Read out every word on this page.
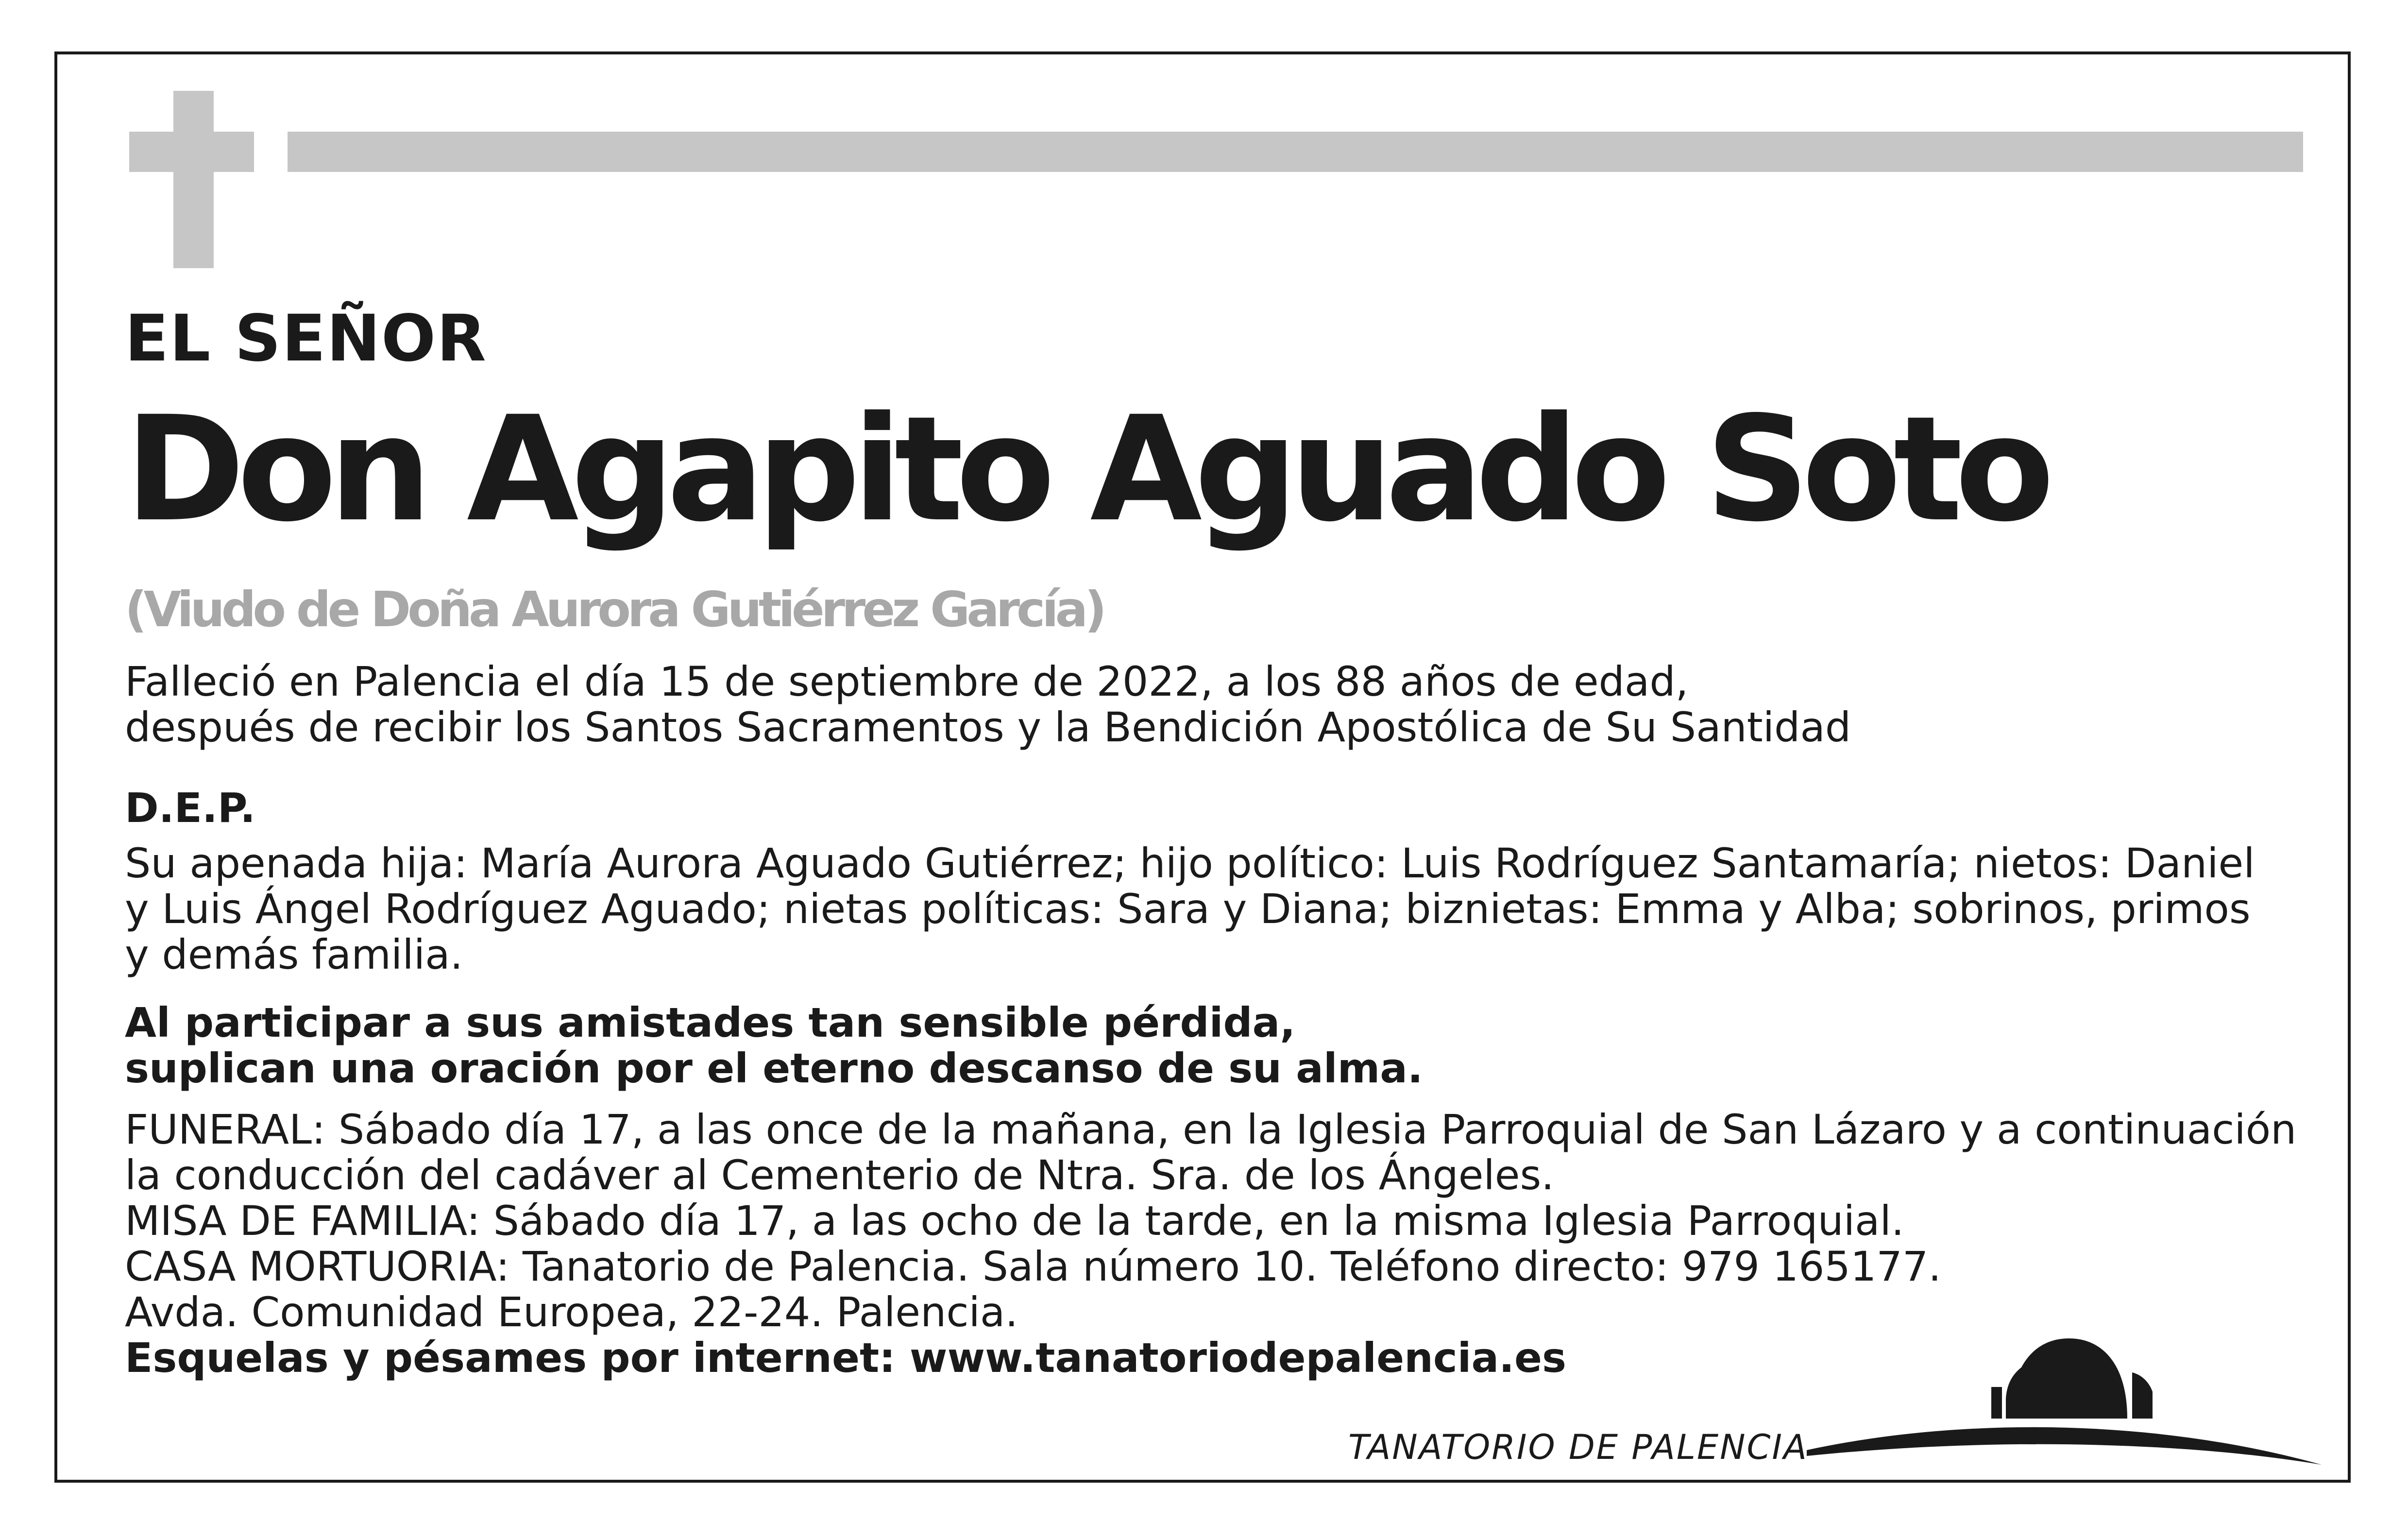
EL SEÑOR
Don Agapito Aguado Soto
(Viudo de Doña Aurora Gutiérrez García)
Falleció en Palencia el día 15 de septiembre de 2022, a los 88 años de edad,
después de recibir los Santos Sacramentos y la Bendición Apostólica de Su Santidad
D.E.P.
Su apenada hija: María Aurora Aguado Gutiérrez; hijo político: Luis Rodríguez Santamaría; nietos: Daniel
y Luis Ángel Rodríguez Aguado; nietas políticas: Sara y Diana; biznietas: Emma y Alba; sobrinos, primos
y demás familia.
Al participar a sus amistades tan sensible pérdida,
suplican una oración por el eterno descanso de su alma.
FUNERAL: Sábado día 17, a las once de la mañana, en la Iglesia Parroquial de San Lázaro y a continuación
la conducción del cadáver al Cementerio de Ntra. Sra. de los Ángeles.
MISA DE FAMILIA: Sábado día 17, a las ocho de la tarde, en la misma Iglesia Parroquial.
CASA MORTUORIA: Tanatorio de Palencia. Sala número 10. Teléfono directo: 979 165177.
Avda. Comunidad Europea, 22-24. Palencia.
Esquelas y pésames por internet: www.tanatoriodepalencia.es
TANATORIO DE PALENCIA
